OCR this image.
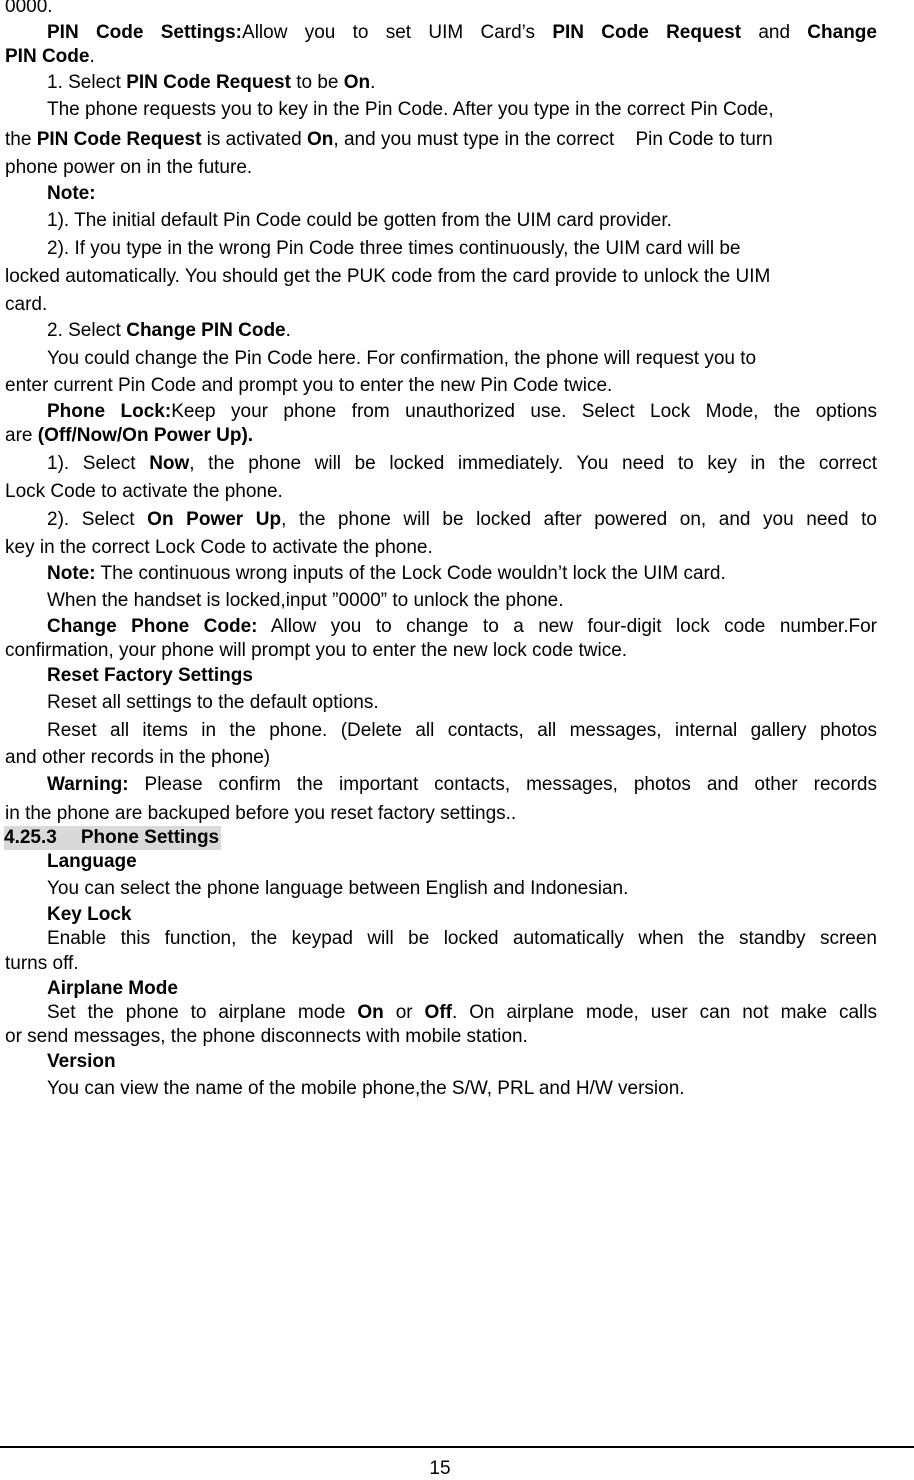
0000.

PIN Code Settings:Allow you to set UIM Card’s PIN Code Request and Change

PIN Code.

1. Select PIN Code Request to be On.

The phone requests you to key in the Pin Code. After you type in the correct Pin Code,

the PIN Code Request is activated On, and you must type in the correct    Pin Code to turn

phone power on in the future.

Note:

1). The initial default Pin Code could be gotten from the UIM card provider.

2). If you type in the wrong Pin Code three times continuously, the UIM card will be

locked automatically. You should get the PUK code from the card provide to unlock the UIM

card.

2. Select Change PIN Code.

You could change the Pin Code here. For confirmation, the phone will request you to

enter current Pin Code and prompt you to enter the new Pin Code twice.

Phone Lock:Keep your phone from unauthorized use. Select Lock Mode, the options

are (Off/Now/On Power Up).

1). Select Now, the phone will be locked immediately. You need to key in the correct

Lock Code to activate the phone.

2). Select On Power Up, the phone will be locked after powered on, and you need to

key in the correct Lock Code to activate the phone.

Note: The continuous wrong inputs of the Lock Code wouldn’t lock the UIM card.

When the handset is locked,input ”0000” to unlock the phone.

Change Phone Code: Allow you to change to a new four-digit lock code number.For

confirmation, your phone will prompt you to enter the new lock code twice.

Reset Factory Settings

Reset all settings to the default options.

Reset all items in the phone. (Delete all contacts, all messages, internal gallery photos

and other records in the phone)

Warning: Please confirm the important contacts, messages, photos and other records

in the phone are backuped before you reset factory settings..

4.25.3 Phone Settings

Language

You can select the phone language between English and Indonesian.

Key Lock

Enable this function, the keypad will be locked automatically when the standby screen

turns off.

Airplane Mode

Set the phone to airplane mode On or Off. On airplane mode, user can not make calls

or send messages, the phone disconnects with mobile station.

Version

You can view the name of the mobile phone,the S/W, PRL and H/W version.

15
